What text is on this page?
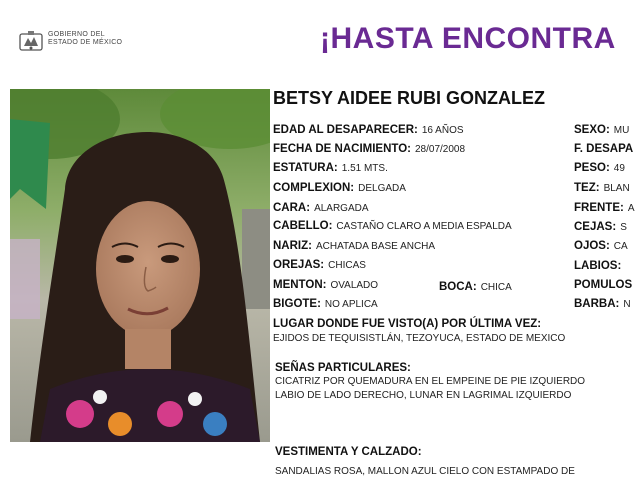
GOBIERNO DEL
ESTADO DE MÉXICO	¡HASTA ENCONTRA
BETSY AIDEE RUBI GONZALEZ
EDAD AL DESAPARECER: 16 AÑOS
FECHA DE NACIMIENTO: 28/07/2008
ESTATURA: 1.51 MTS.
COMPLEXION: DELGADA
CARA: ALARGADA
CABELLO: CASTAÑO CLARO A MEDIA ESPALDA
NARIZ: ACHATADA BASE ANCHA
OREJAS: CHICAS
MENTON: OVALADO
BIGOTE: NO APLICA
BOCA: CHICA
SEXO: MU
F. DESAPA
PESO: 49
TEZ: BLAN
FRENTE: A
CEJAS: S
OJOS: CA
LABIOS:
POMULOS
BARBA: N
LUGAR DONDE FUE VISTO(A) POR ÚLTIMA VEZ:
EJIDOS DE TEQUISISTLÁN, TEZOYUCA, ESTADO DE MEXICO
SEÑAS PARTICULARES:
CICATRIZ POR QUEMADURA EN EL EMPEINE DE PIE IZQUIERDO
LABIO DE LADO DERECHO, LUNAR EN LAGRIMAL IZQUIERDO
VESTIMENTA Y CALZADO:
SANDALIAS ROSA, MALLON AZUL CIELO CON ESTAMPADO DE
